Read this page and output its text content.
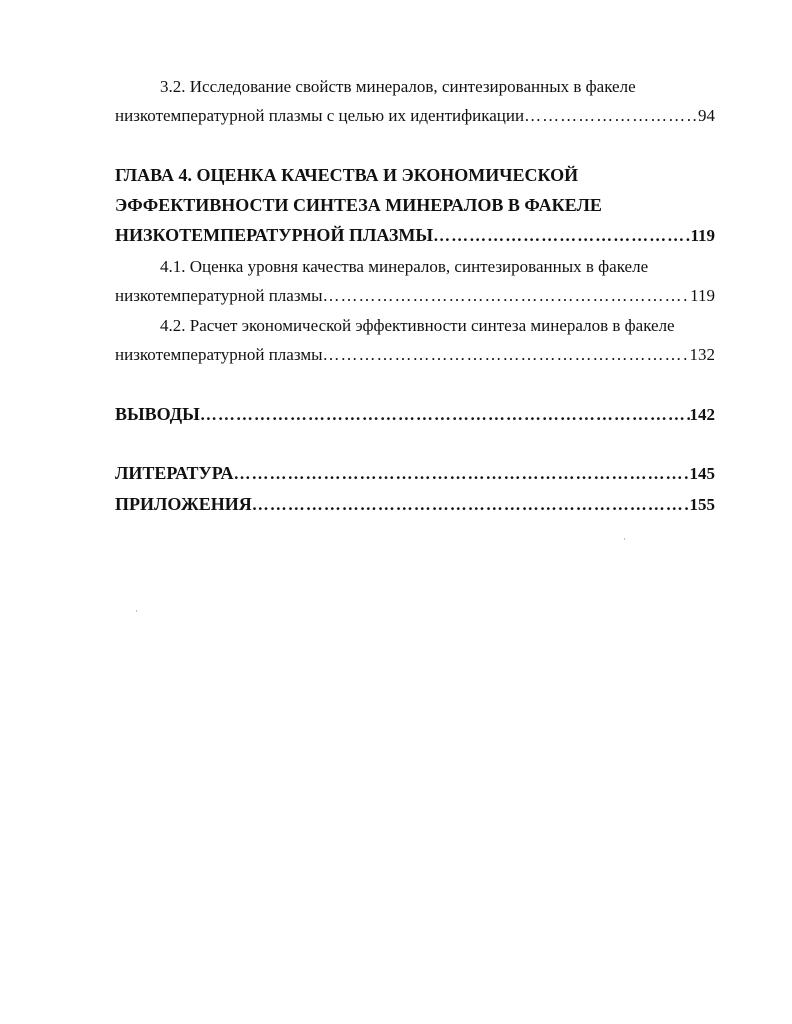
3.2. Исследование свойств минералов, синтезированных в факеле
низкотемпературной плазмы с целью их идентификации ……………………………………………………………………………………………………………………………………………………	94
ГЛАВА 4. ОЦЕНКА КАЧЕСТВА И ЭКОНОМИЧЕСКОЙ
ЭФФЕКТИВНОСТИ СИНТЕЗА МИНЕРАЛОВ В ФАКЕЛЕ
НИЗКОТЕМПЕРАТУРНОЙ ПЛАЗМЫ ……………………………………………………………………………………………………………………………………………………	119
4.1. Оценка уровня качества минералов, синтезированных в факеле
низкотемпературной плазмы ……………………………………………………………………………………………………………………………………………………	119
4.2. Расчет экономической эффективности синтеза минералов в факеле
низкотемпературной плазмы ……………………………………………………………………………………………………………………………………………………	132
ВЫВОДЫ ……………………………………………………………………………………………………………………………………………………	142
ЛИТЕРАТУРА ……………………………………………………………………………………………………………………………………………………	145
ПРИЛОЖЕНИЯ ……………………………………………………………………………………………………………………………………………………	155
